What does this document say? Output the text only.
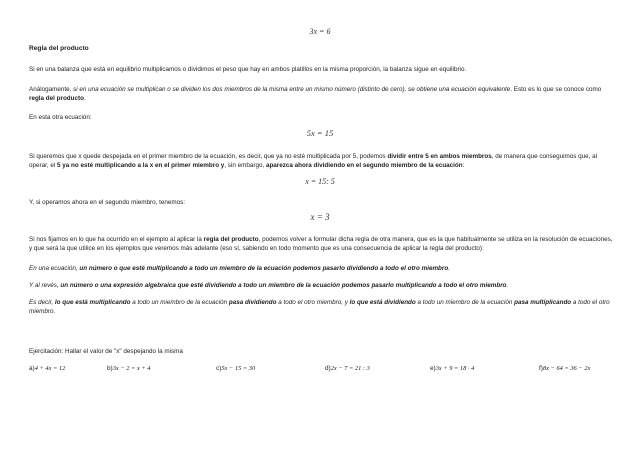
3x = 6
Regla del producto
Si en una balanza que está en equilibrio multiplicamos o dividimos el peso que hay en ambos platillos en la misma proporción, la balanza sigue en equilibrio.
Análogamente, si en una ecuación se multiplican o se dividen los dos miembros de la misma entre un mismo número (distinto de cero), se obtiene una ecuación equivalente. Esto es lo que se conoce como regla del producto.
En esta otra ecuación:
5x = 15
Si queremos que x quede despejada en el primer miembro de la ecuación, es decir, que ya no esté multiplicada por 5, podemos dividir entre 5 en ambos miembros, de manera que conseguimos que, al operar, el 5 ya no esté multiplicando a la x en el primer miembro y, sin embargo, aparezca ahora dividiendo en el segundo miembro de la ecuación:
x = 15: 5
Y, si operamos ahora en el segundo miembro, tenemos:
x = 3
Si nos fijamos en lo que ha ocurrido en el ejemplo al aplicar la regla del producto, podemos volver a formular dicha regla de otra manera, que es la que habitualmente se utiliza en la resolución de ecuaciones, y que será la que utilice en los ejemplos que veremos más adelante (eso sí, sabiendo en todo momento que es una consecuencia de aplicar la regla del producto):
En una ecuación, un número o que esté multiplicando a todo un miembro de la ecuación podemos pasarlo dividiendo a todo el otro miembro.
Y al revés, un número o una expresión algebraica que esté dividiendo a todo un miembro de la ecuación podemos pasarlo multiplicando a todo el otro miembro.
Es decir, lo que está multiplicando a todo un miembro de la ecuación pasa dividiendo a todo el otro miembro, y lo que está dividiendo a todo un miembro de la ecuación pasa multiplicando a todo el otro miembro.
Ejercitación: Hallar el valor de "x" despejando la misma
a)4 + 4x = 12	b)3x − 2 = x + 4	c)5x − 15 = 30	d)2x − 7 = 21 : 3	e)3x + 9 = 18 · 4	f)8x − 64 = 36 − 2x
